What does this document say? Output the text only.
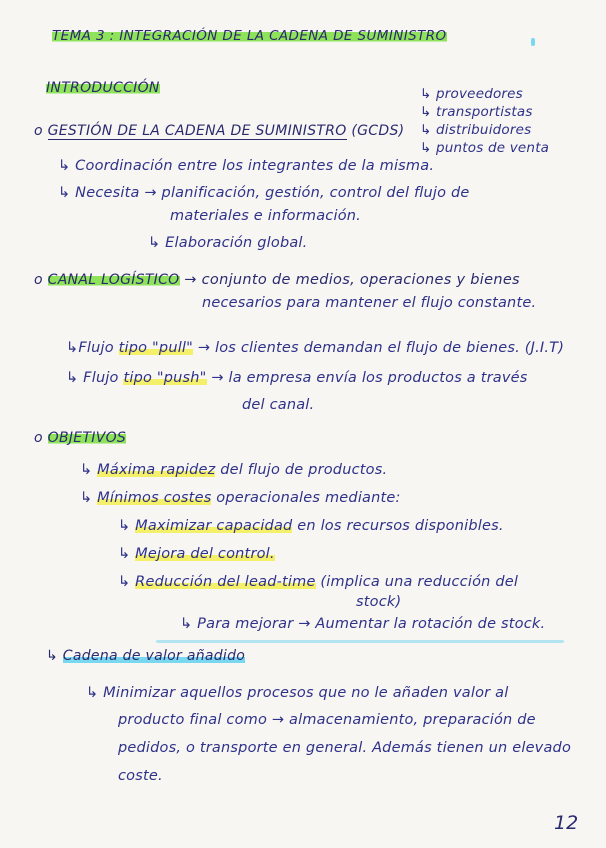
TEMA 3 : INTEGRACIÓN DE LA CADENA DE SUMINISTRO
INTRODUCCIÓN	↳ proveedores
↳ transportistas
↳ distribuidores
↳ puntos de venta
o GESTIÓN DE LA CADENA DE SUMINISTRO (GCDS)
↳ Coordinación entre los integrantes de la misma.
↳ Necesita → planificación, gestión, control del flujo de
materiales e información.
↳ Elaboración global.
o CANAL LOGÍSTICO → conjunto de medios, operaciones y bienes
necesarios para mantener el flujo constante.
↳Flujo tipo "pull" → los clientes demandan el flujo de bienes. (J.I.T)
↳ Flujo tipo "push" → la empresa envía los productos a través
del canal.
o OBJETIVOS
↳ Máxima rapidez del flujo de productos.
↳ Mínimos costes operacionales mediante:
↳ Maximizar capacidad en los recursos disponibles.
↳ Mejora del control.
↳ Reducción del lead-time (implica una reducción del
stock)
↳ Para mejorar → Aumentar la rotación de stock.
↳ Cadena de valor añadido
↳ Minimizar aquellos procesos que no le añaden valor al
producto final como → almacenamiento, preparación de
pedidos, o transporte en general. Además tienen un elevado
coste.
12
